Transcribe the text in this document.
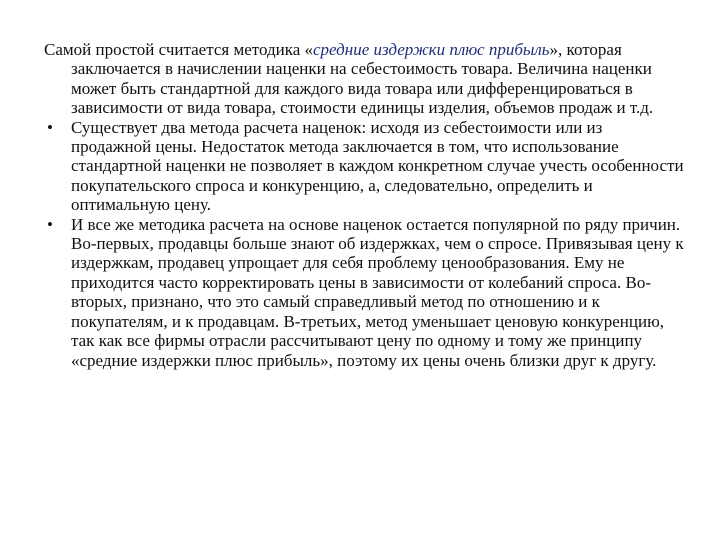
Самой простой считается методика «средние издержки плюс прибыль», которая заключается в начислении наценки на себестоимость товара. Величина наценки может быть стандартной для каждого вида товара или дифференцироваться в зависимости от вида товара, стоимости единицы изделия, объемов продаж и т.д.

•	Существует два метода расчета наценок: исходя из себестоимости или из продажной цены. Недостаток метода заключается в том, что использование стандартной наценки не позволяет в каждом конкретном случае учесть особенности покупательского спроса и конкуренцию, а, следовательно, определить и оптимальную цену.

•	И все же методика расчета на основе наценок остается популярной по ряду причин. Во-первых, продавцы больше знают об издержках, чем о спросе. Привязывая цену к издержкам, продавец упрощает для себя проблему ценообразования. Ему не приходится часто корректировать цены в зависимости от колебаний спроса. Во-вторых, признано, что это самый справедливый метод по отношению и к покупателям, и к продавцам. В-третьих, метод уменьшает ценовую конкуренцию, так как все фирмы отрасли рассчитывают цену по одному и тому же принципу «средние издержки плюс прибыль», поэтому их цены очень близки друг к другу.
